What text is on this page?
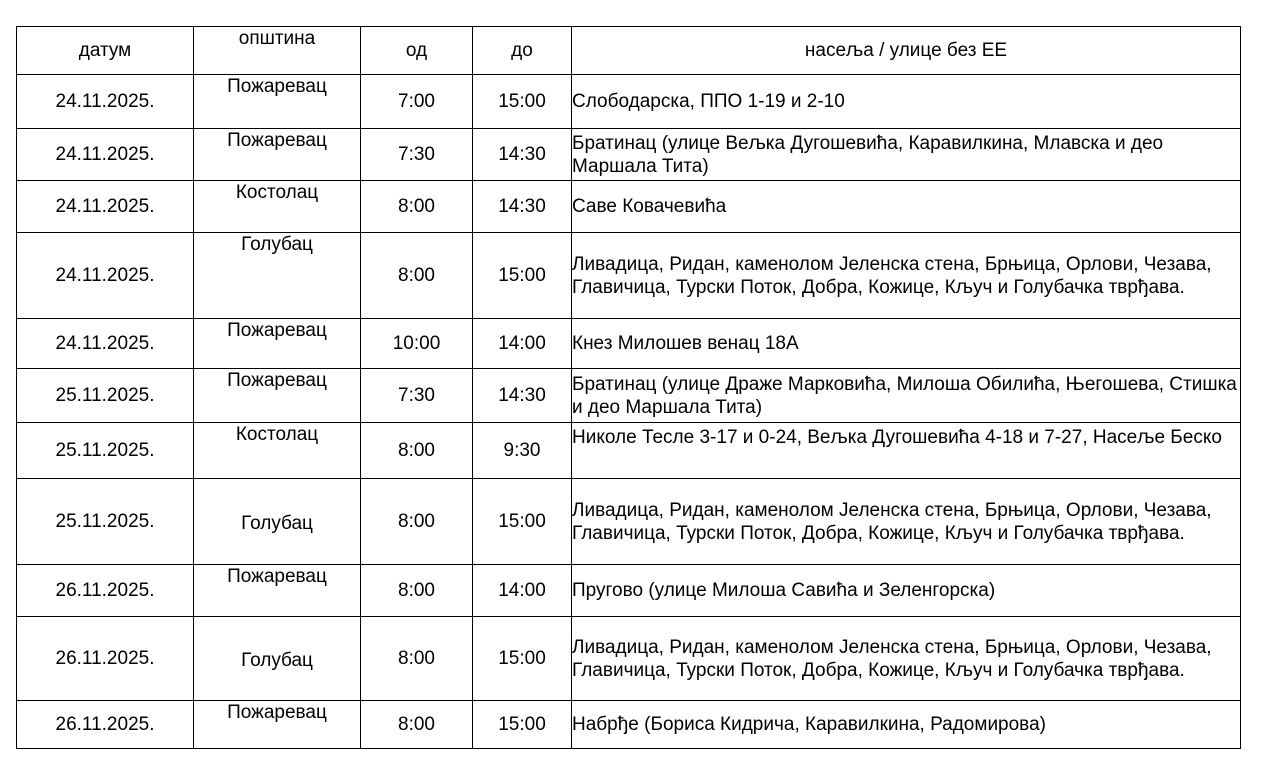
датум	општина	од	до	насеља / улице без ЕЕ
24.11.2025.	Пожаревац	7:00	15:00	Слободарска, ППО 1-19 и 2-10
24.11.2025.	Пожаревац	7:30	14:30	Братинац (улице Вељка Дугошевића, Каравилкина, Млавска и део Маршала Тита)
24.11.2025.	Костолац	8:00	14:30	Саве Ковачевића
24.11.2025.	Голубац	8:00	15:00	Ливадица, Ридан, каменолом Јеленска стена, Брњица, Орлови, Чезава, Главичица, Турски Поток, Добра, Кожице, Кључ и Голубачка тврђава.
24.11.2025.	Пожаревац	10:00	14:00	Кнез Милошев венац 18А
25.11.2025.	Пожаревац	7:30	14:30	Братинац (улице Драже Марковића, Милоша Обилића, Његошева, Стишка и део Маршала Тита)
25.11.2025.	Костолац	8:00	9:30	Николе Тесле 3-17 и 0-24, Вељка Дугошевића 4-18 и 7-27, Насеље Беско
25.11.2025.	Голубац	8:00	15:00	Ливадица, Ридан, каменолом Јеленска стена, Брњица, Орлови, Чезава, Главичица, Турски Поток, Добра, Кожице, Кључ и Голубачка тврђава.
26.11.2025.	Пожаревац	8:00	14:00	Пругово (улице Милоша Савића и Зеленгорска)
26.11.2025.	Голубац	8:00	15:00	Ливадица, Ридан, каменолом Јеленска стена, Брњица, Орлови, Чезава, Главичица, Турски Поток, Добра, Кожице, Кључ и Голубачка тврђава.
26.11.2025.	Пожаревац	8:00	15:00	Набрђе (Бориса Кидрича, Каравилкина, Радомирова)
